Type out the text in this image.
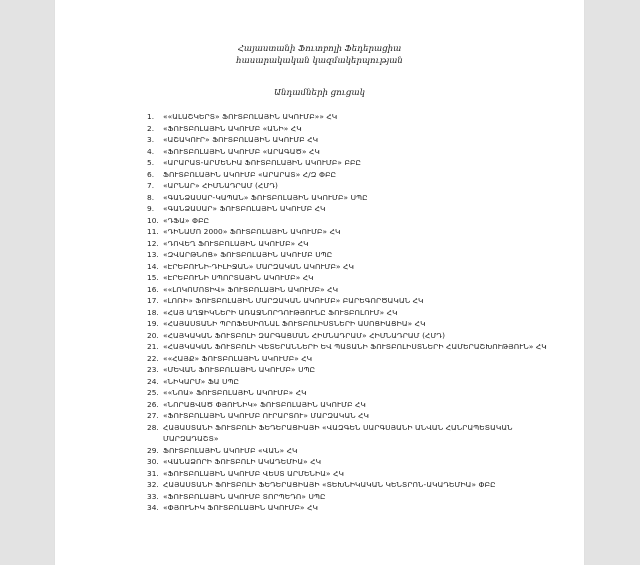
Հայաստանի Ֆուտբոլի Ֆեդերացիա
հասարակական կազմակերպության
Անդամների ցուցակ
1.	««ԱԼԱՇԿԵՐՏ» ՖՈՒՏԲՈԼԱՅԻՆ ԱԿՈՒՄԲ»» ՀԿ
2.	«ՖՈՒՏԲՈԼԱՅԻՆ ԱԿՈՒՄԲ «ԱՆԻ» ՀԿ
3.	«ԱՇԱԿՈՒՐ» ՖՈՒՏԲՈԼԱՅԻՆ ԱԿՈՒՄԲ ՀԿ
4.	«ՖՈՒՏԲՈԼԱՅԻՆ ԱԿՈՒՄԲ «ԱՐԱԳԱԾ» ՀԿ
5.	«ԱՐԱՐԱՏ-ԱՐՄԵՆԻԱ ՖՈՒՏԲՈԼԱՅԻՆ ԱԿՈՒՄԲ» ԲԲԸ
6.	ՖՈՒՏԲՈԼԱՅԻՆ ԱԿՈՒՄԲ «ԱՐԱՐԱՏ» Հ/Զ ՓԲԸ
7.	«ԱՐՆԱՐ» ՀԻՄՆԱԴՐԱՄ (ՀՄԴ)
8.	«ԳԱՆՁԱՍԱՐ-ԿԱՊԱՆ» ՖՈՒՏԲՈԼԱՅԻՆ ԱԿՈՒՄԲ» ՍՊԸ
9.	«ԳԱՆՁԱՍԱՐ» ՖՈՒՏԲՈԼԱՅԻՆ ԱԿՈՒՄԲ ՀԿ
10. «ԴՖԱ» ՓԲԸ
11. «ԴԻՆԱՄՈ 2000» ՖՈՒՏԲՈԼԱՅԻՆ ԱԿՈՒՄԲ» ՀԿ
12. «ԴՈՎԵՂ ՖՈՒՏԲՈԼԱՅԻՆ ԱԿՈՒՄԲ» ՀԿ
13. «ԶՎԱՐԹՆՈՑ» ՖՈՒՏԲՈԼԱՅԻՆ ԱԿՈՒՄԲ ՍՊԸ
14. «ԷՐԵԲՈՒՆԻ-ԴԻԼԻՋԱՆ» ՄԱՐԶԱԿԱՆ ԱԿՈՒՄԲ» ՀԿ
15. «ԷՐԵԲՈՒՆԻ ՍՊՈՐՏԱՅԻՆ ԱԿՈՒՄԲ» ՀԿ
16. ««ԼՈԿՈՄՈՏԻՎ» ՖՈՒՏԲՈԼԱՅԻՆ ԱԿՈՒՄԲ» ՀԿ
17. «ԼՈՌԻ» ՖՈՒՏԲՈԼԱՅԻՆ ՄԱՐԶԱԿԱՆ ԱԿՈՒՄԲ» ԲԱՐԵԳՈՐԾԱԿԱՆ ՀԿ
18. «ՀԱՅ ԱՂՋԻԿՆԵՐԻ ԱՌԱՋՆՈՐԴՈՒԹՅՈՒՆԸ ՖՈՒՏԲՈԼՈՒՄ» ՀԿ
19. «ՀԱՅԱՍՏԱՆԻ ՊՐՈՖԵՍԻՈՆԱԼ ՖՈՒՏԲՈԼԻՍՏՆԵՐԻ ԱՍՈՑԻԱՑԻԱ» ՀԿ
20. «ՀԱՅԿԱԿԱՆ ՖՈՒՏԲՈԼԻ ԶԱՐԳԱՑՄԱՆ ՀԻՄՆԱԴՐԱՄ» ՀԻՄՆԱԴՐԱՄ (ՀՄԴ)
21. «ՀԱՅԿԱԿԱՆ ՖՈՒՏԲՈԼԻ ՎԵՏԵՐԱՆՆԵՐԻ ԵՎ ՊԱՏԱՆԻ ՖՈՒՏԲՈԼԻՍՏՆԵՐԻ ՀԱՄԵՐԱՇԽՈՒԹՅՈՒՆ» ՀԿ
22. ««ՀԱՅՔ» ՖՈՒՏԲՈԼԱՅԻՆ ԱԿՈՒՄԲ» ՀԿ
23. «ՄԵՎԱՆ ՖՈՒՏԲՈԼԱՅԻՆ ԱԿՈՒՄԲ» ՍՊԸ
24. «ՆԻԿԱՐՄ» ՖԱ ՍՊԸ
25. ««ՆՈԱ» ՖՈՒՏԲՈԼԱՅԻՆ ԱԿՈՒՄԲ» ՀԿ
26. «ՆՈՐԱՑՎԱԾ ՓՅՈՒՆԻԿ» ՖՈՒՏԲՈԼԱՅԻՆ ԱԿՈՒՄԲ ՀԿ
27. «ՖՈՒՏԲՈԼԱՅԻՆ ԱԿՈՒՄԲ ՈՒՐԱՐՏՈՒ» ՄԱՐԶԱԿԱՆ ՀԿ
28. ՀԱՅԱՍՏԱՆԻ ՖՈՒՏԲՈԼԻ ՖԵԴԵՐԱՑԻԱՅԻ «ՎԱԶԳԵՆ ՍԱՐԳՍՅԱՆԻ ԱՆՎԱՆ ՀԱՆՐԱՊԵՏԱԿԱՆ ՄԱՐԶԱԴԱՇՏ»
29. ՖՈՒՏԲՈԼԱՅԻՆ ԱԿՈՒՄԲ «ՎԱՆ» ՀԿ
30. «ՎԱՆԱՁՈՐԻ ՖՈՒՏԲՈԼԻ ԱԿԱԴԵՄԻԱ» ՀԿ
31. «ՖՈՒՏԲՈԼԱՅԻՆ ԱԿՈՒՄԲ ՎԵՍՏ ԱՐՄԵՆԻԱ» ՀԿ
32. ՀԱՅԱՍՏԱՆԻ ՖՈՒՏԲՈԼԻ ՖԵԴԵՐԱՑԻԱՅԻ «ՏԵԽՆԻԿԱԿԱՆ ԿԵՆՏՐՈՆ-ԱԿԱԴԵՄԻԱ» ՓԲԸ
33. «ՖՈՒՏԲՈԼԱՅԻՆ ԱԿՈՒՄԲ ՏՈՐՊԵԴՈ» ՍՊԸ
34. «ՓՅՈՒՆԻԿ ՖՈՒՏԲՈԼԱՅԻՆ ԱԿՈՒՄԲ» ՀԿ
